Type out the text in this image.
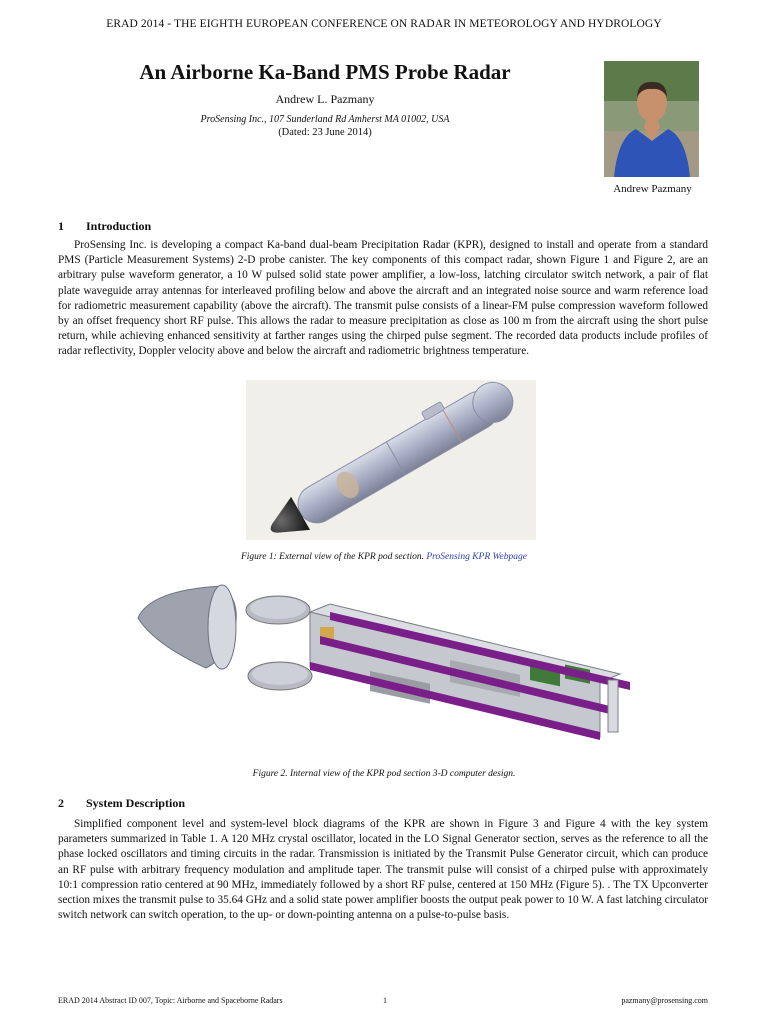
ERAD 2014 - THE EIGHTH EUROPEAN CONFERENCE ON RADAR IN METEOROLOGY AND HYDROLOGY
An Airborne Ka-Band PMS Probe Radar
Andrew L. Pazmany
ProSensing Inc., 107 Sunderland Rd Amherst MA 01002, USA
(Dated: 23 June 2014)
Andrew Pazmany
1 Introduction

ProSensing Inc. is developing a compact Ka-band dual-beam Precipitation Radar (KPR), designed to install and operate from a standard PMS (Particle Measurement Systems) 2-D probe canister. The key components of this compact radar, shown Figure 1 and Figure 2, are an arbitrary pulse waveform generator, a 10 W pulsed solid state power amplifier, a low-loss, latching circulator switch network, a pair of flat plate waveguide array antennas for interleaved profiling below and above the aircraft and an integrated noise source and warm reference load for radiometric measurement capability (above the aircraft). The transmit pulse consists of a linear-FM pulse compression waveform followed by an offset frequency short RF pulse. This allows the radar to measure precipitation as close as 100 m from the aircraft using the short pulse return, while achieving enhanced sensitivity at farther ranges using the chirped pulse segment. The recorded data products include profiles of radar reflectivity, Doppler velocity above and below the aircraft and radiometric brightness temperature.

Figure 1: External view of the KPR pod section. ProSensing KPR Webpage
Figure 2. Internal view of the KPR pod section 3-D computer design.
2 System Description

Simplified component level and system-level block diagrams of the KPR are shown in Figure 3 and Figure 4 with the key system parameters summarized in Table 1. A 120 MHz crystal oscillator, located in the LO Signal Generator section, serves as the reference to all the phase locked oscillators and timing circuits in the radar. Transmission is initiated by the Transmit Pulse Generator circuit, which can produce an RF pulse with arbitrary frequency modulation and amplitude taper. The transmit pulse will consist of a chirped pulse with approximately 10:1 compression ratio centered at 90 MHz, immediately followed by a short RF pulse, centered at 150 MHz (Figure 5). . The TX Upconverter section mixes the transmit pulse to 35.64 GHz and a solid state power amplifier boosts the output peak power to 10 W. A fast latching circulator switch network can switch operation, to the up- or down-pointing antenna on a pulse-to-pulse basis.

ERAD 2014 Abstract ID 007, Topic: Airborne and Spaceborne Radars	1	pazmany@prosensing.com
